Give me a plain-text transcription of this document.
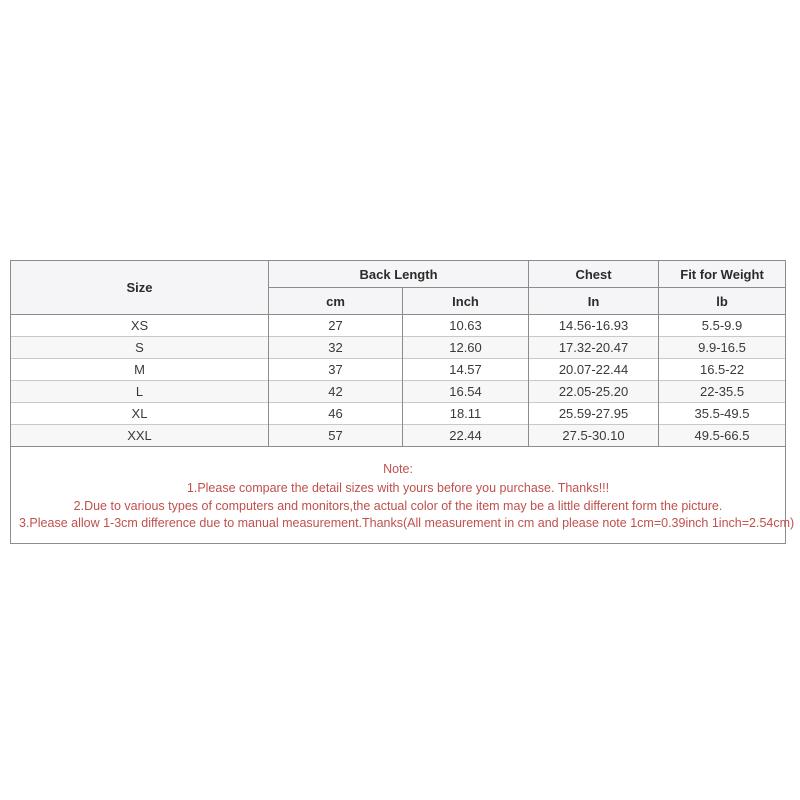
Size	Back Length		Chest	Fit for Weight
	cm	Inch	In	lb
XS	27	10.63	14.56-16.93	5.5-9.9
S	32	12.60	17.32-20.47	9.9-16.5
M	37	14.57	20.07-22.44	16.5-22
L	42	16.54	22.05-25.20	22-35.5
XL	46	18.11	25.59-27.95	35.5-49.5
XXL	57	22.44	27.5-30.10	49.5-66.5

Note:
1.Please compare the detail sizes with yours before you purchase. Thanks!!!
2.Due to various types of computers and monitors,the actual color of the item may be a little different form the picture.
3.Please allow 1-3cm difference due to manual measurement.Thanks(All measurement in cm and please note 1cm=0.39inch 1inch=2.54cm)				
